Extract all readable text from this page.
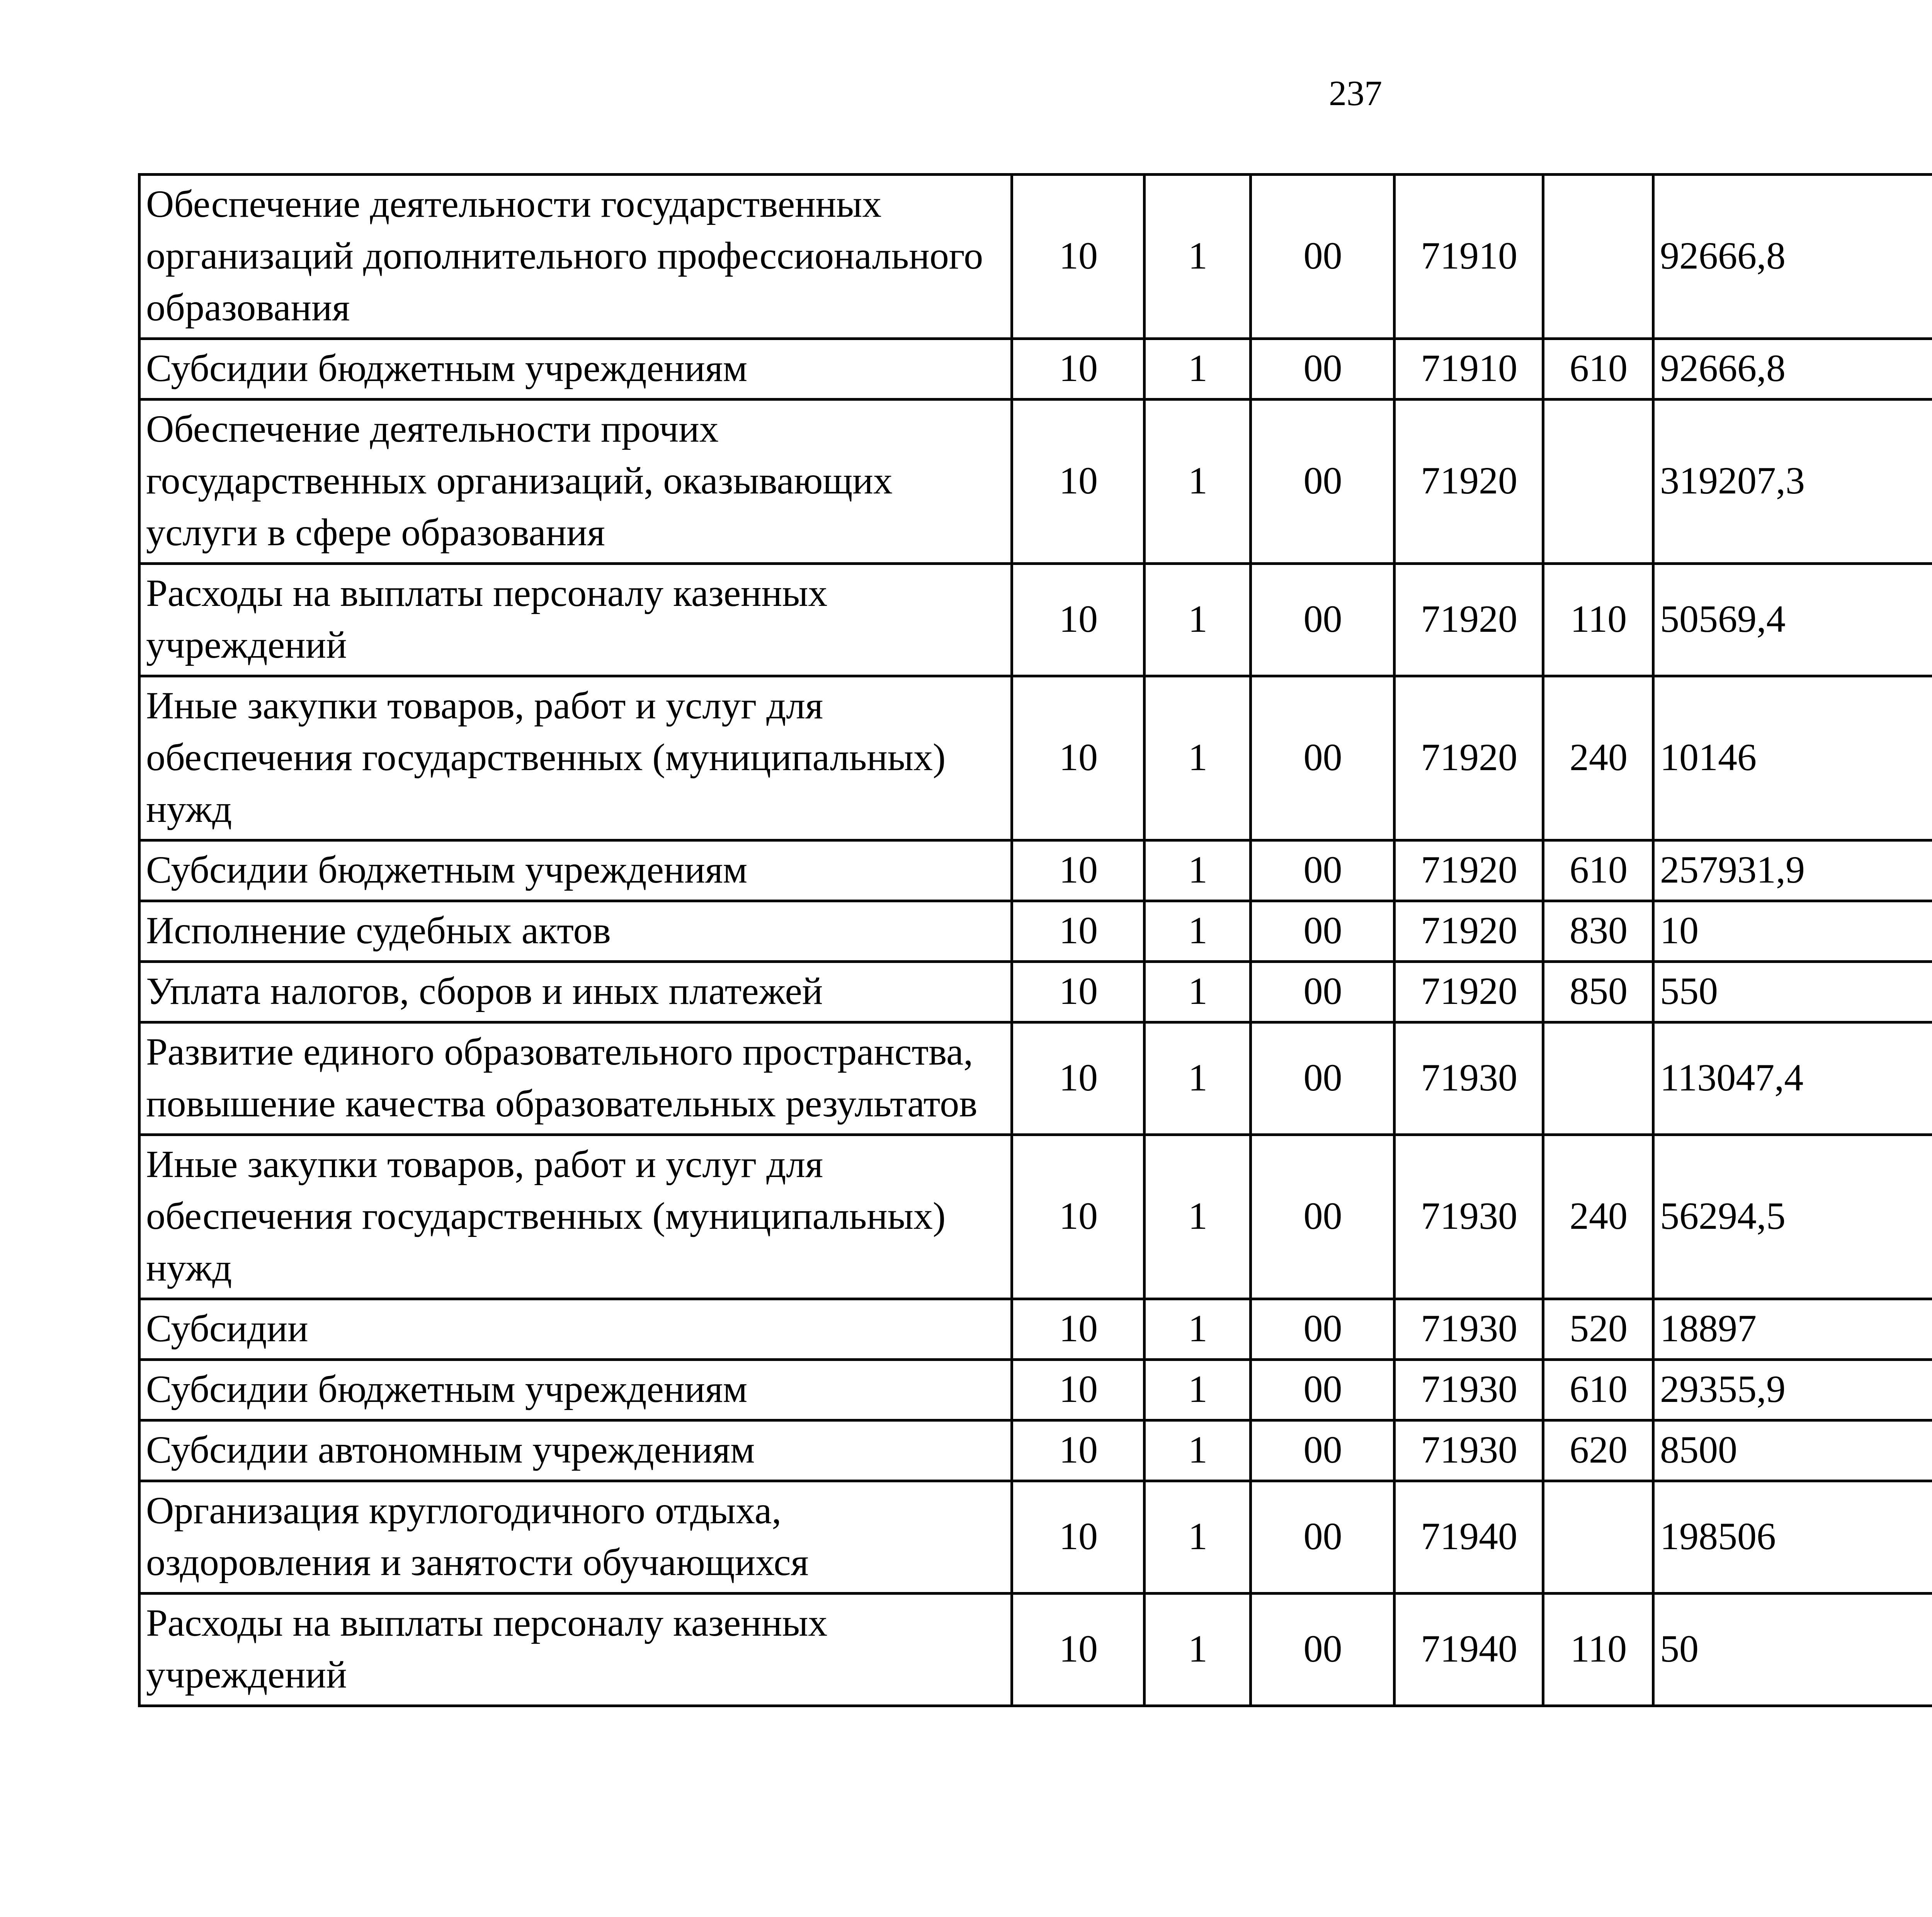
237
Обеспечение деятельности государственных организаций дополнительного профессионального образования	10	1	00	71910		92666,8		
Субсидии бюджетным учреждениям	10	1	00	71910	610	92666,8		
Обеспечение деятельности прочих государственных организаций, оказывающих услуги в сфере образования	10	1	00	71920		319207,3		
Расходы на выплаты персоналу казенных учреждений	10	1	00	71920	110	50569,4		
Иные закупки товаров, работ и услуг для обеспечения государственных (муниципальных) нужд	10	1	00	71920	240	10146		
Субсидии бюджетным учреждениям	10	1	00	71920	610	257931,9		
Исполнение судебных актов	10	1	00	71920	830	10		
Уплата налогов, сборов и иных платежей	10	1	00	71920	850	550		
Развитие единого образовательного пространства, повышение качества образовательных результатов	10	1	00	71930		113047,4		
Иные закупки товаров, работ и услуг для обеспечения государственных (муниципальных) нужд	10	1	00	71930	240	56294,5		
Субсидии	10	1	00	71930	520	18897		
Субсидии бюджетным учреждениям	10	1	00	71930	610	29355,9		
Субсидии автономным учреждениям	10	1	00	71930	620	8500		
Организация круглогодичного отдыха, оздоровления и занятости обучающихся	10	1	00	71940		198506		
Расходы на выплаты персоналу казенных учреждений	10	1	00	71940	110	50		
